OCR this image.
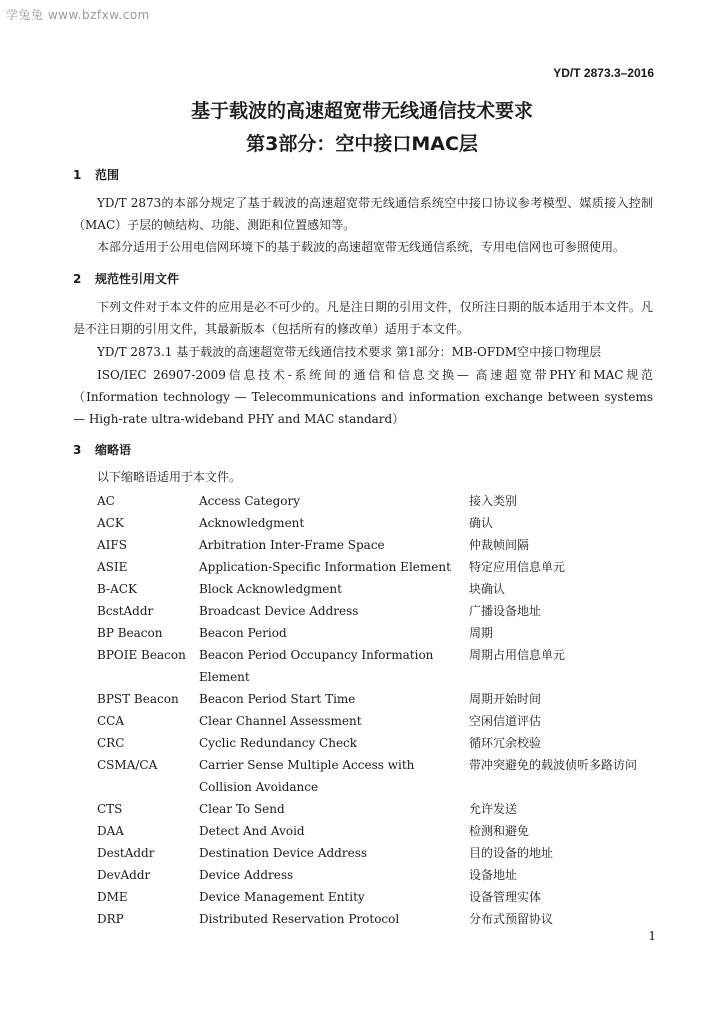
学兔兔 www.bzfxw.com
YD/T 2873.3–2016
基于载波的高速超宽带无线通信技术要求
第3部分：空中接口MAC层
1 范围
YD/T 2873的本部分规定了基于载波的高速超宽带无线通信系统空中接口协议参考模型、媒质接入控制（MAC）子层的帧结构、功能、测距和位置感知等。
本部分适用于公用电信网环境下的基于载波的高速超宽带无线通信系统，专用电信网也可参照使用。
2 规范性引用文件
下列文件对于本文件的应用是必不可少的。凡是注日期的引用文件，仅所注日期的版本适用于本文件。凡是不注日期的引用文件，其最新版本（包括所有的修改单）适用于本文件。
YD/T 2873.1 基于载波的高速超宽带无线通信技术要求 第1部分：MB-OFDM空中接口物理层
ISO/IEC 26907-2009信息技术-系统间的通信和信息交换— 高速超宽带PHY和MAC规范（Information technology — Telecommunications and information exchange between systems — High-rate ultra-wideband PHY and MAC standard）
3 缩略语
以下缩略语适用于本文件。
AC	Access Category	接入类别
ACK	Acknowledgment	确认
AIFS	Arbitration Inter-Frame Space	仲裁帧间隔
ASIE	Application-Specific Information Element	特定应用信息单元
B-ACK	Block Acknowledgment	块确认
BcstAddr	Broadcast Device Address	广播设备地址
BP Beacon	Beacon Period	周期
BPOIE Beacon	Beacon Period Occupancy Information Element	周期占用信息单元
BPST Beacon	Beacon Period Start Time	周期开始时间
CCA	Clear Channel Assessment	空闲信道评估
CRC	Cyclic Redundancy Check	循环冗余校验
CSMA/CA	Carrier Sense Multiple Access with Collision Avoidance	带冲突避免的载波侦听多路访问
CTS	Clear To Send	允许发送
DAA	Detect And Avoid	检测和避免
DestAddr	Destination Device Address	目的设备的地址
DevAddr	Device Address	设备地址
DME	Device Management Entity	设备管理实体
DRP	Distributed Reservation Protocol	分布式预留协议
1
